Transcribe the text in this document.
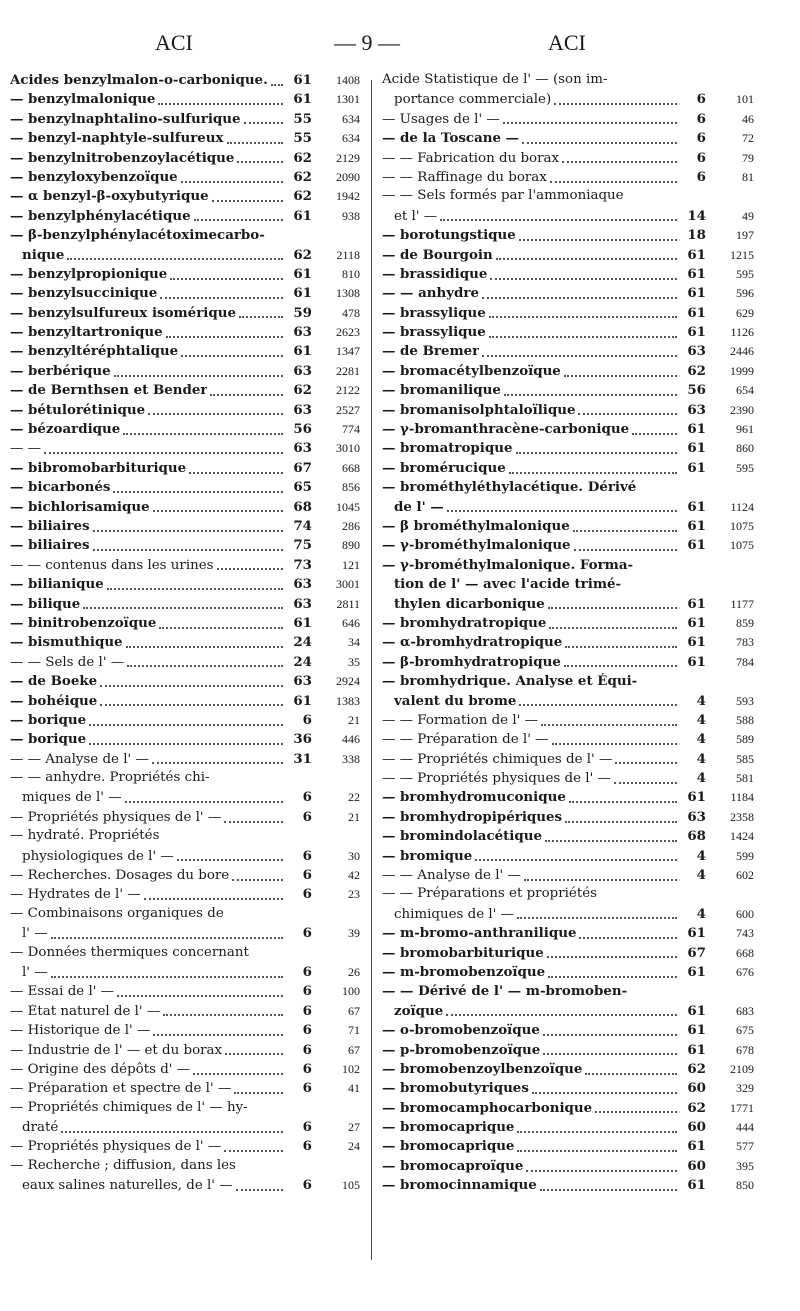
ACI	— 9 —	ACI
Acides benzylmalon-o-carbonique.	61	1408
— benzylmalonique	61	1301
— benzylnaphtalino-sulfurique	55	634
— benzyl-naphtyle-sulfureux	55	634
— benzylnitrobenzoylacétique	62	2129
— benzyloxybenzoïque	62	2090
— α benzyl-β-oxybutyrique	62	1942
— benzylphénylacétique	61	938
— β-benzylphénylacétoximecarbo-
nique	62	2118
— benzylpropionique	61	810
— benzylsuccinique	61	1308
— benzylsulfureux isomérique	59	478
— benzyltartronique	63	2623
— benzyltéréphtalique	61	1347
— berbérique	63	2281
— de Bernthsen et Bender	62	2122
— bétulorétinique	63	2527
— bézoardique	56	774
— —	63	3010
— bibromobarbiturique	67	668
— bicarbonés	65	856
— bichlorisamique	68	1045
— biliaires	74	286
— biliaires	75	890
— — contenus dans les urines	73	121
— bilianique	63	3001
— bilique	63	2811
— binitrobenzoïque	61	646
— bismuthique	24	34
— — Sels de l' —	24	35
— de Boeke	63	2924
— bohéique	61	1383
— borique	6	21
— borique	36	446
— — Analyse de l' —	31	338
— — anhydre. Propriétés chi-
miques de l' —	6	22
— Propriétés physiques de l' —	6	21
— hydraté. Propriétés
physiologiques de l' —	6	30
— Recherches. Dosages du bore	6	42
— Hydrates de l' —	6	23
— Combinaisons organiques de
l' —	6	39
— Données thermiques concernant
l' —	6	26
— Essai de l' —	6	100
— État naturel de l' —	6	67
— Historique de l' —	6	71
— Industrie de l' — et du borax	6	67
— Origine des dépôts d' —	6	102
— Préparation et spectre de l' —	6	41
— Propriétés chimiques de l' — hy-
draté	6	27
— Propriétés physiques de l' —	6	24
— Recherche ; diffusion, dans les
eaux salines naturelles, de l' —	6	105
Acide Statistique de l' — (son im-
portance commerciale)	6	101
— Usages de l' —	6	46
— de la Toscane —	6	72
— — Fabrication du borax	6	79
— — Raffinage du borax	6	81
— — Sels formés par l'ammoniaque
et l' —	14	49
— borotungstique	18	197
— de Bourgoin	61	1215
— brassidique	61	595
— — anhydre	61	596
— brassylique	61	629
— brassylique	61	1126
— de Bremer	63	2446
— bromacétylbenzoïque	62	1999
— bromanilique	56	654
— bromanisolphtaloïlique	63	2390
— γ-bromanthracène-carbonique	61	961
— bromatropique	61	860
— bromérucique	61	595
— brométhyléthylacétique. Dérivé
de l' —	61	1124
— β brométhylmalonique	61	1075
— γ-brométhylmalonique	61	1075
— γ-brométhylmalonique. Forma-
tion de l' — avec l'acide trimé-
thylen dicarbonique	61	1177
— bromhydratropique	61	859
— α-bromhydratropique	61	783
— β-bromhydratropique	61	784
— bromhydrique. Analyse et Équi-
valent du brome	4	593
— — Formation de l' —	4	588
— — Préparation de l' —	4	589
— — Propriétés chimiques de l' —	4	585
— — Propriétés physiques de l' —	4	581
— bromhydromuconique	61	1184
— bromhydropipériques	63	2358
— bromindolacétique	68	1424
— bromique	4	599
— — Analyse de l' —	4	602
— — Préparations et propriétés
chimiques de l' —	4	600
— m-bromo-anthranilique	61	743
— bromobarbiturique	67	668
— m-bromobenzoïque	61	676
— — Dérivé de l' — m-bromoben-
zoïque	61	683
— o-bromobenzoïque	61	675
— p-bromobenzoïque	61	678
— bromobenzoylbenzoïque	62	2109
— bromobutyriques	60	329
— bromocamphocarbonique	62	1771
— bromocaprique	60	444
— bromocaprique	61	577
— bromocaproïque	60	395
— bromocinnamique	61	850
